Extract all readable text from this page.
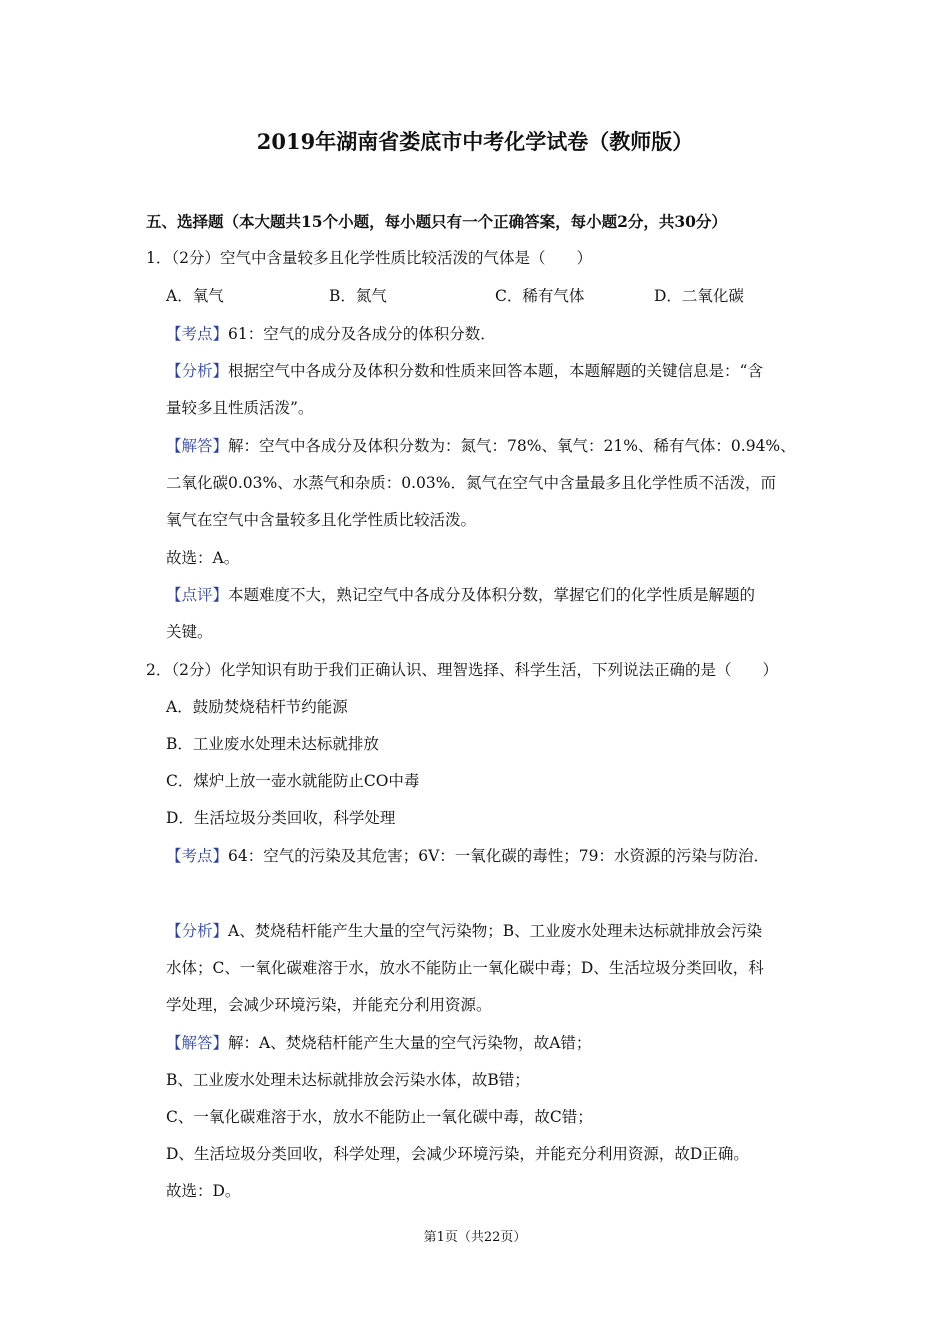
2019年湖南省娄底市中考化学试卷（教师版）
五、选择题（本大题共15个小题，每小题只有一个正确答案，每小题2分，共30分）
1．（2分）空气中含量较多且化学性质比较活泼的气体是（　　）
A．氧气	B．氮气	C．稀有气体	D．二氧化碳
【考点】61：空气的成分及各成分的体积分数．
【分析】根据空气中各成分及体积分数和性质来回答本题，本题解题的关键信息是：“含
量较多且性质活泼”。
【解答】解：空气中各成分及体积分数为：氮气：78%、氧气：21%、稀有气体：0.94%、
二氧化碳0.03%、水蒸气和杂质：0.03%．氮气在空气中含量最多且化学性质不活泼，而
氧气在空气中含量较多且化学性质比较活泼。
故选：A。
【点评】本题难度不大，熟记空气中各成分及体积分数，掌握它们的化学性质是解题的
关键。
2．（2分）化学知识有助于我们正确认识、理智选择、科学生活，下列说法正确的是（　　）
A．鼓励焚烧秸杆节约能源
B．工业废水处理未达标就排放
C．煤炉上放一壶水就能防止CO中毒
D．生活垃圾分类回收，科学处理
【考点】64：空气的污染及其危害；6V：一氧化碳的毒性；79：水资源的污染与防治．
【分析】A、焚烧秸杆能产生大量的空气污染物；B、工业废水处理未达标就排放会污染
水体；C、一氧化碳难溶于水，放水不能防止一氧化碳中毒；D、生活垃圾分类回收，科
学处理，会减少环境污染，并能充分利用资源。
【解答】解：A、焚烧秸杆能产生大量的空气污染物，故A错；
B、工业废水处理未达标就排放会污染水体，故B错；
C、一氧化碳难溶于水，放水不能防止一氧化碳中毒，故C错；
D、生活垃圾分类回收，科学处理，会减少环境污染，并能充分利用资源，故D正确。
故选：D。
第1页（共22页）
